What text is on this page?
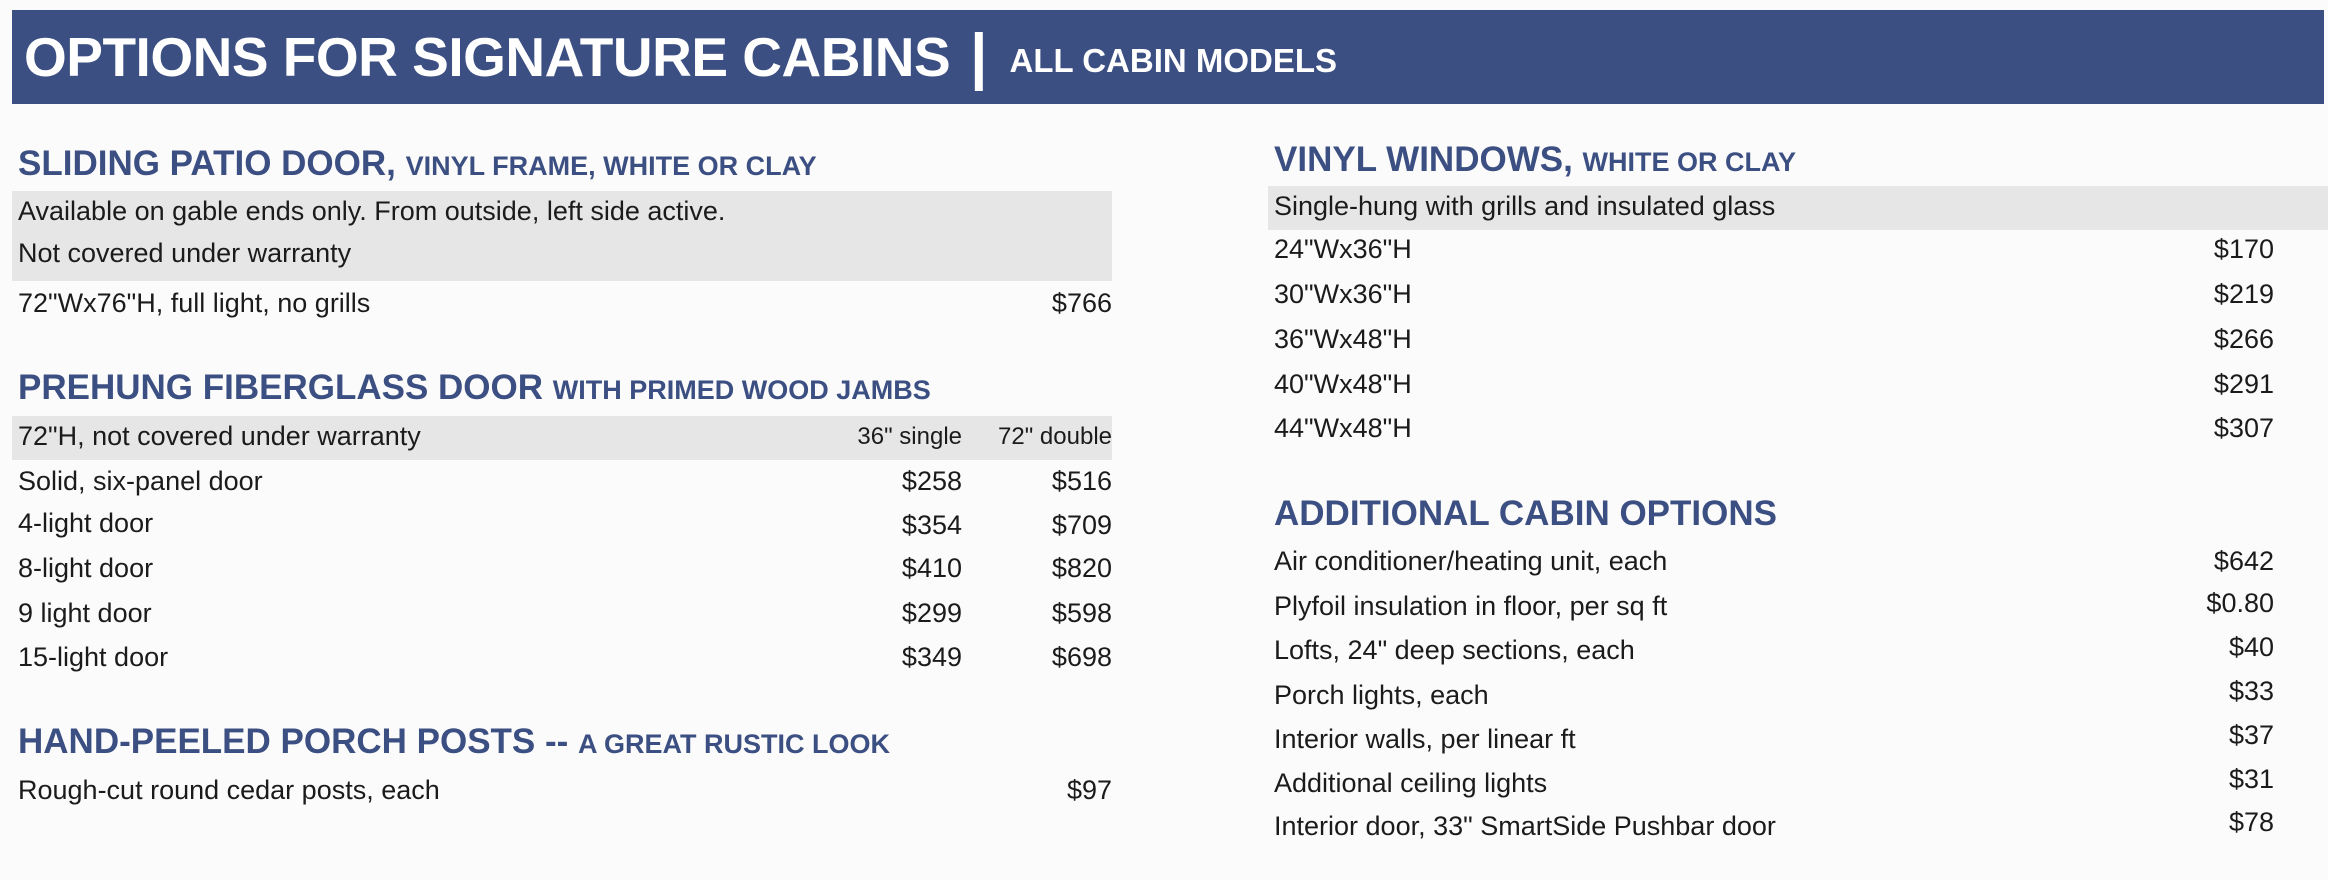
OPTIONS FOR SIGNATURE CABINS | ALL CABIN MODELS
SLIDING PATIO DOOR, VINYL FRAME, WHITE OR CLAY
Available on gable ends only. From outside, left side active.
Not covered under warranty
72"Wx76"H, full light, no grills	$766
PREHUNG FIBERGLASS DOOR WITH PRIMED WOOD JAMBS
72"H, not covered under warranty	36" single 72" double
Solid, six-panel door	$258	$516
4-light door	$354	$709
8-light door	$410	$820
9 light door	$299	$598
15-light door	$349	$698
HAND-PEELED PORCH POSTS -- A GREAT RUSTIC LOOK
Rough-cut round cedar posts, each	$97
VINYL WINDOWS, WHITE OR CLAY
Single-hung with grills and insulated glass
24"Wx36"H	$170
30"Wx36"H	$219
36"Wx48"H	$266
40"Wx48"H	$291
44"Wx48"H	$307
ADDITIONAL CABIN OPTIONS
Air conditioner/heating unit, each	$642
Plyfoil insulation in floor, per sq ft	$0.80
Lofts, 24" deep sections, each	$40
Porch lights, each	$33
Interior walls, per linear ft	$37
Additional ceiling lights	$31
Interior door, 33" SmartSide Pushbar door	$78
